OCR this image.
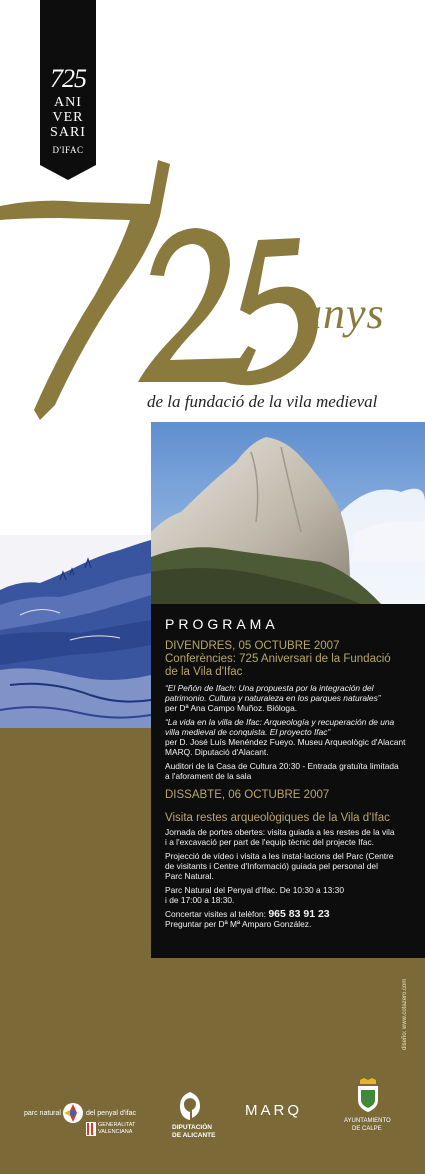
725
ANI
VER
SARI
D'IFAC
anys
de la fundació de la vila medieval
PROGRAMA
DIVENDRES, 05 OCTUBRE 2007
Conferències: 725 Aniversari de la Fundació
de la Vila d'Ifac
“El Peñón de Ifach: Una propuesta por la integración del
patrimonio. Cultura y naturaleza en los parques naturales”
per Dª Ana Campo Muñoz. Bióloga.
“La vida en la villa de Ifac: Arqueología y recuperación de una
villa medieval de conquista. El proyecto Ifac”
per D. José Luís Menéndez Fueyo. Museu Arqueològic d'Alacant
MARQ. Diputació d'Alacant.
Auditori de la Casa de Cultura 20:30 - Entrada gratuïta limitada
a l'aforament de la sala
DISSABTE, 06 OCTUBRE 2007
Visita restes arqueològiques de la Vila d'Ifac
Jornada de portes obertes: visita guiada a les restes de la vila
i a l'excavació per part de l'equip tècnic del projecte Ifac.
Projecció de vídeo i visita a les instal·lacions del Parc (Centre
de visitants i Centre d'Informació) guiada pel personal del
Parc Natural.
Parc Natural del Penyal d'Ifac. De 10:30 a 13:30
i de 17:00 a 18:30.
Concertar visites al telèfon: 965 83 91 23
Preguntar per Dª Mª Amparo González.
diseño: www.cotazero.com
parc natural	del penyal d'ifac
GENERALITAT
VALENCIANA
DIPUTACIÓN
DE ALICANTE
MARQ
AYUNTAMIENTO
DE CALPE
